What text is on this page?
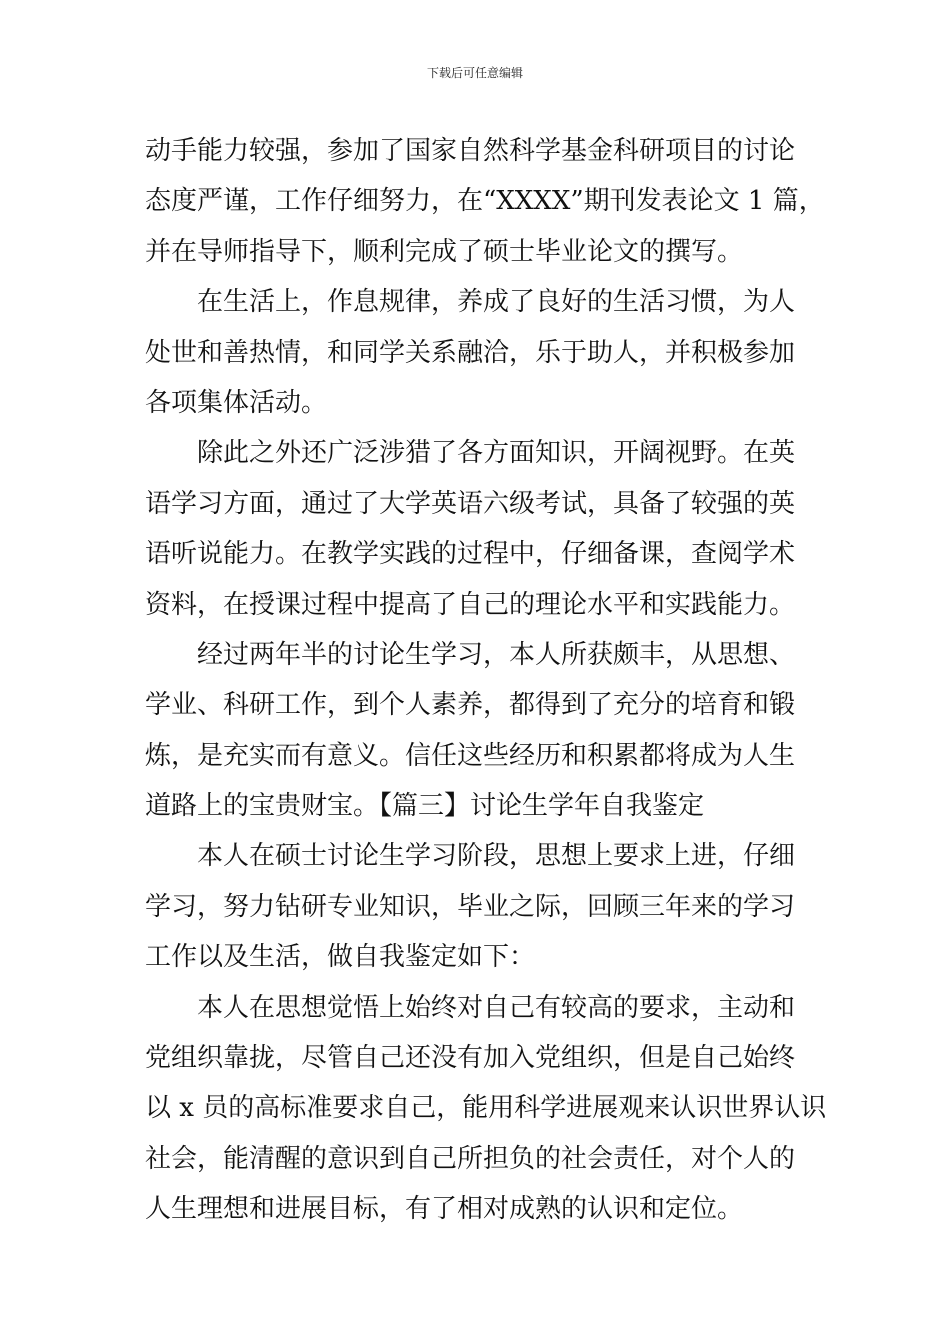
下载后可任意编辑
动手能力较强，参加了国家自然科学基金科研项目的讨论
态度严谨，工作仔细努力，在“XXXX”期刊发表论文 1 篇，
并在导师指导下，顺利完成了硕士毕业论文的撰写。
在生活上，作息规律，养成了良好的生活习惯，为人
处世和善热情，和同学关系融洽，乐于助人，并积极参加
各项集体活动。
除此之外还广泛涉猎了各方面知识，开阔视野。在英
语学习方面，通过了大学英语六级考试，具备了较强的英
语听说能力。在教学实践的过程中，仔细备课，查阅学术
资料，在授课过程中提高了自己的理论水平和实践能力。
经过两年半的讨论生学习，本人所获颇丰，从思想、
学业、科研工作，到个人素养，都得到了充分的培育和锻
炼，是充实而有意义。信任这些经历和积累都将成为人生
道路上的宝贵财宝。【篇三】讨论生学年自我鉴定
本人在硕士讨论生学习阶段，思想上要求上进，仔细
学习，努力钻研专业知识，毕业之际，回顾三年来的学习
工作以及生活，做自我鉴定如下：
本人在思想觉悟上始终对自己有较高的要求，主动和
党组织靠拢，尽管自己还没有加入党组织，但是自己始终
以 x 员的高标准要求自己，能用科学进展观来认识世界认识
社会，能清醒的意识到自己所担负的社会责任，对个人的
人生理想和进展目标，有了相对成熟的认识和定位。
